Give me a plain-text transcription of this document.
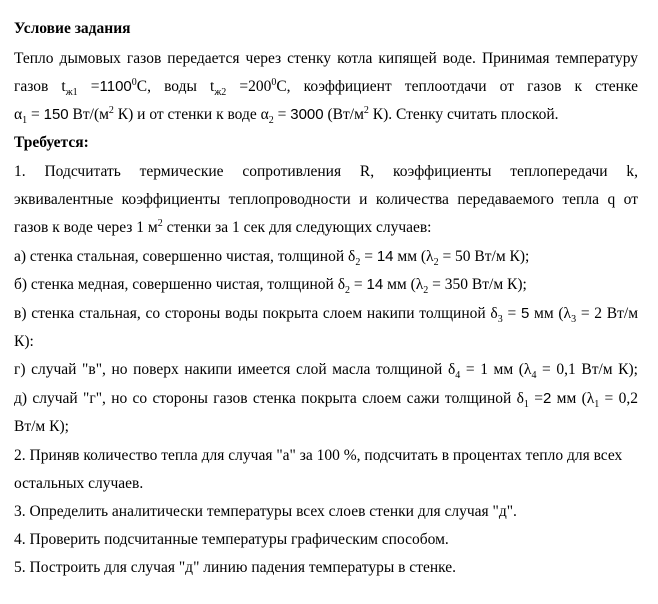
Условие задания
Тепло дымовых газов передается через стенку котла кипящей воде. Принимая температуру
газов $t_{ж1} =1100^0C$, воды $t_{ж2} =200^0C$, коэффициент теплоотдачи от газов к стенке
$\alpha_1 = 150$ $Вт/(м^2$ К) и от стенки к воде $\alpha_2 = 3000$ ($Вт/м^2$ К). Стенку считать плоской.
Требуется:
1. Подсчитать термические сопротивления R, коэффициенты теплопередачи k,
эквивалентные коэффициенты теплопроводности и количества передаваемого тепла q от
газов к воде через 1 $м^2$ стенки за 1 сек для следующих случаев:
а) стенка стальная, совершенно чистая, толщиной $\delta_2 = 14$ мм ($\lambda_2 = 50$ Вт/м К);
б) стенка медная, совершенно чистая, толщиной $\delta_2 = 14$ мм ($\lambda_2 = 350$ Вт/м К);
в) стенка стальная, со стороны воды покрыта слоем накипи толщиной $\delta_3 = 5$ мм ($\lambda_3 = 2$ Вт/м
К):
г) случай "в", но поверх накипи имеется слой масла толщиной $\delta_4 = 1$ мм ($\lambda_4 = 0,1$ Вт/м К);
д) случай "г", но со стороны газов стенка покрыта слоем сажи толщиной $\delta_1 =2$ мм ($\lambda_1 = 0,2$
Вт/м К);
2. Приняв количество тепла для случая "а" за 100 %, подсчитать в процентах тепло для всех
остальных случаев.
3. Определить аналитически температуры всех слоев стенки для случая "д".
4. Проверить подсчитанные температуры графическим способом.
5. Построить для случая "д" линию падения температуры в стенке.
